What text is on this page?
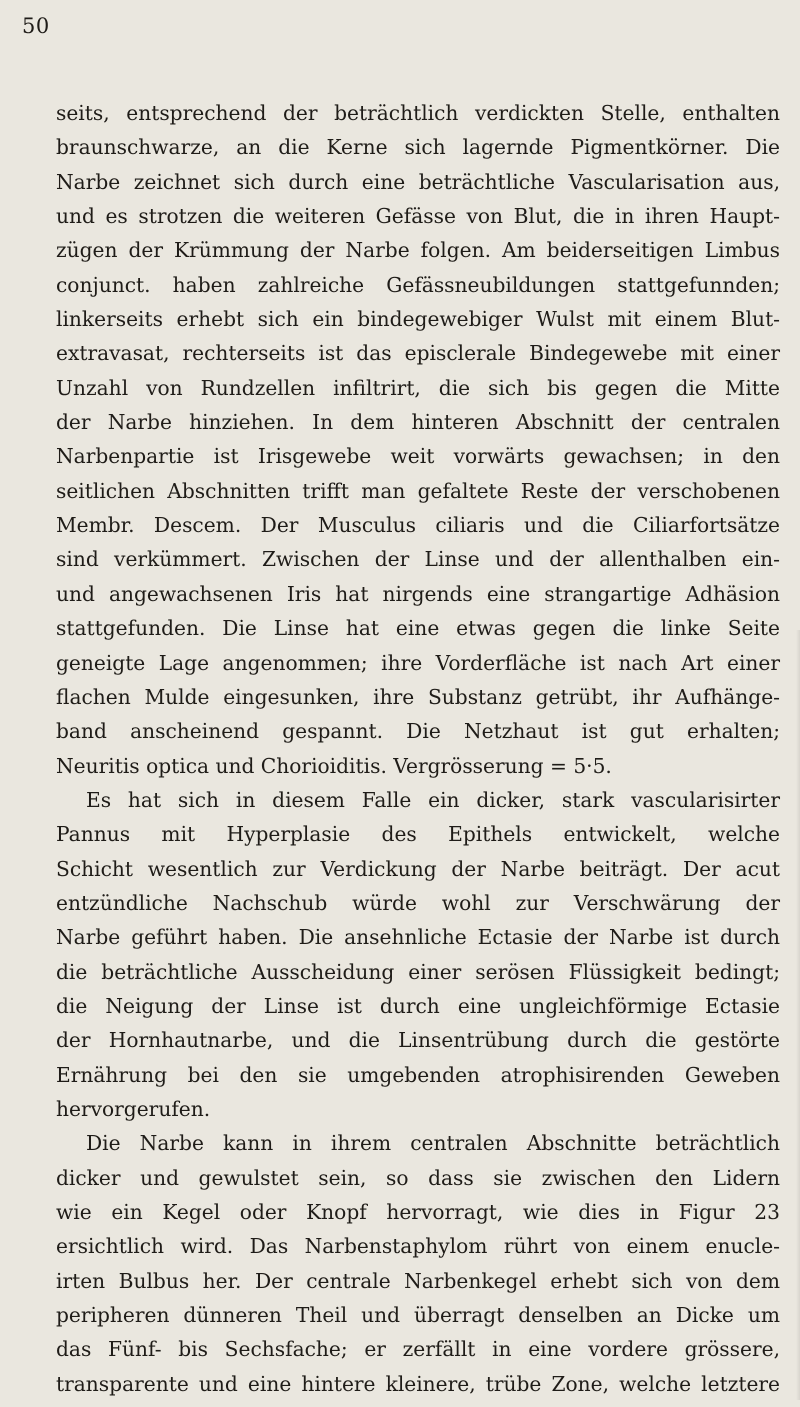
50
seits, entsprechend der beträchtlich verdickten Stelle, enthalten
braunschwarze, an die Kerne sich lagernde Pigmentkörner. Die
Narbe zeichnet sich durch eine beträchtliche Vascularisation aus,
und es strotzen die weiteren Gefässe von Blut, die in ihren Haupt-
zügen der Krümmung der Narbe folgen. Am beiderseitigen Limbus
conjunct. haben zahlreiche Gefässneubildungen stattgefunnden;
linkerseits erhebt sich ein bindegewebiger Wulst mit einem Blut-
extravasat, rechterseits ist das episclerale Bindegewebe mit einer
Unzahl von Rundzellen infiltrirt, die sich bis gegen die Mitte
der Narbe hinziehen. In dem hinteren Abschnitt der centralen
Narbenpartie ist Irisgewebe weit vorwärts gewachsen; in den
seitlichen Abschnitten trifft man gefaltete Reste der verschobenen
Membr. Descem. Der Musculus ciliaris und die Ciliarfortsätze
sind verkümmert. Zwischen der Linse und der allenthalben ein-
und angewachsenen Iris hat nirgends eine strangartige Adhäsion
stattgefunden. Die Linse hat eine etwas gegen die linke Seite
geneigte Lage angenommen; ihre Vorderfläche ist nach Art einer
flachen Mulde eingesunken, ihre Substanz getrübt, ihr Aufhänge-
band anscheinend gespannt. Die Netzhaut ist gut erhalten;
Neuritis optica und Chorioiditis. Vergrösserung = 5·5.
Es hat sich in diesem Falle ein dicker, stark vascularisirter
Pannus mit Hyperplasie des Epithels entwickelt, welche
Schicht wesentlich zur Verdickung der Narbe beiträgt. Der acut
entzündliche Nachschub würde wohl zur Verschwärung der
Narbe geführt haben. Die ansehnliche Ectasie der Narbe ist durch
die beträchtliche Ausscheidung einer serösen Flüssigkeit bedingt;
die Neigung der Linse ist durch eine ungleichförmige Ectasie
der Hornhautnarbe, und die Linsentrübung durch die gestörte
Ernährung bei den sie umgebenden atrophisirenden Geweben
hervorgerufen.
Die Narbe kann in ihrem centralen Abschnitte beträchtlich
dicker und gewulstet sein, so dass sie zwischen den Lidern
wie ein Kegel oder Knopf hervorragt, wie dies in Figur 23
ersichtlich wird. Das Narbenstaphylom rührt von einem enucle-
irten Bulbus her. Der centrale Narbenkegel erhebt sich von dem
peripheren dünneren Theil und überragt denselben an Dicke um
das Fünf- bis Sechsfache; er zerfällt in eine vordere grössere,
transparente und eine hintere kleinere, trübe Zone, welche letztere
